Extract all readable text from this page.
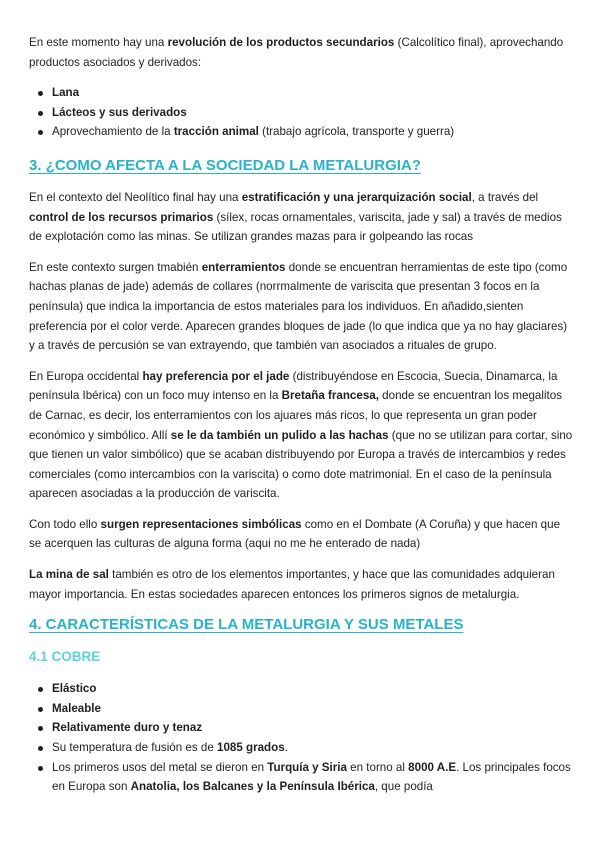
En este momento hay una revolución de los productos secundarios (Calcolítico final), aprovechando productos asociados y derivados:

Lana
Lácteos y sus derivados
Aprovechamiento de la tracción animal (trabajo agrícola, transporte y guerra)
3. ¿COMO AFECTA A LA SOCIEDAD LA METALURGIA?

En el contexto del Neolítico final hay una estratificación y una jerarquización social, a través del control de los recursos primarios (sílex, rocas ornamentales, variscita, jade y sal) a través de medios de explotación como las minas. Se utilizan grandes mazas para ir golpeando las rocas

En este contexto surgen tmabién enterramientos donde se encuentran herramientas de este tipo (como hachas planas de jade) además de collares (norrmalmente de variscita que presentan 3 focos en la península) que indica la importancia de estos materiales para los individuos. En añadido,sienten preferencia por el color verde. Aparecen grandes bloques de jade (lo que indica que ya no hay glaciares) y a través de percusión se van extrayendo, que también van asociados a rituales de grupo.

En Europa occidental hay preferencia por el jade (distribuyéndose en Escocia, Suecia, Dinamarca, la península Ibérica) con un foco muy intenso en la Bretaña francesa, donde se encuentran los megalitos de Carnac, es decir, los enterramientos con los ajuares más ricos, lo que representa un gran poder económico y simbólico. Allí se le da también un pulido a las hachas (que no se utilizan para cortar, sino que tienen un valor simbólico) que se acaban distribuyendo por Europa a través de intercambios y redes comerciales (como intercambios con la variscita) o como dote matrimonial. En el caso de la península aparecen asociadas a la producción de variscita.

Con todo ello surgen representaciones simbólicas como en el Dombate (A Coruña) y que hacen que se acerquen las culturas de alguna forma (aqui no me he enterado de nada)

La mina de sal también es otro de los elementos importantes, y hace que las comunidades adquieran mayor importancia. En estas sociedades aparecen entonces los primeros signos de metalurgia.

4. CARACTERÍSTICAS DE LA METALURGIA Y SUS METALES
4.1 COBRE
Elástico
Maleable
Relativamente duro y tenaz
Su temperatura de fusión es de 1085 grados.
Los primeros usos del metal se dieron en Turquía y Siria en torno al 8000 A.E. Los principales focos en Europa son Anatolia, los Balcanes y la Península Ibérica, que podía
